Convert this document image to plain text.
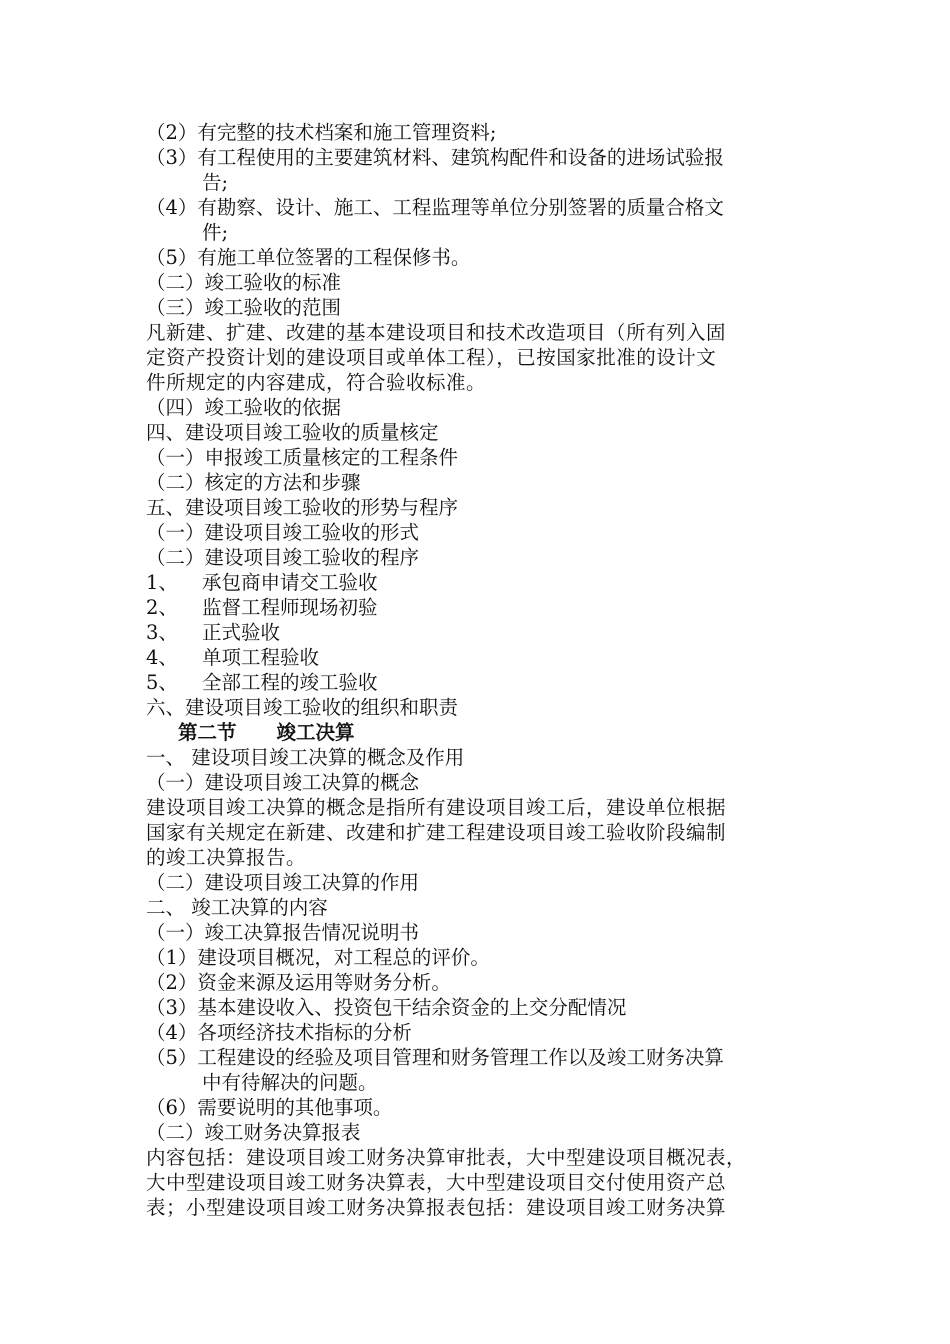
（2）有完整的技术档案和施工管理资料;
（3）有工程使用的主要建筑材料、建筑构配件和设备的进场试验报
告;
（4）有勘察、设计、施工、工程监理等单位分别签署的质量合格文
件;
（5）有施工单位签署的工程保修书。
（二）竣工验收的标准
（三）竣工验收的范围
凡新建、扩建、改建的基本建设项目和技术改造项目（所有列入固
定资产投资计划的建设项目或单体工程），已按国家批准的设计文
件所规定的内容建成，符合验收标准。
（四）竣工验收的依据
四、建设项目竣工验收的质量核定
（一）申报竣工质量核定的工程条件
（二）核定的方法和步骤
五、建设项目竣工验收的形势与程序
（一）建设项目竣工验收的形式
（二）建设项目竣工验收的程序
1、 承包商申请交工验收
2、 监督工程师现场初验
3、 正式验收
4、 单项工程验收
5、 全部工程的竣工验收
六、建设项目竣工验收的组织和职责
第二节 竣工决算
一、 建设项目竣工决算的概念及作用
（一）建设项目竣工决算的概念
建设项目竣工决算的概念是指所有建设项目竣工后，建设单位根据
国家有关规定在新建、改建和扩建工程建设项目竣工验收阶段编制
的竣工决算报告。
（二）建设项目竣工决算的作用
二、 竣工决算的内容
（一）竣工决算报告情况说明书
（1）建设项目概况，对工程总的评价。
（2）资金来源及运用等财务分析。
（3）基本建设收入、投资包干结余资金的上交分配情况
（4）各项经济技术指标的分析
（5）工程建设的经验及项目管理和财务管理工作以及竣工财务决算
中有待解决的问题。
（6）需要说明的其他事项。
（二）竣工财务决算报表
内容包括：建设项目竣工财务决算审批表，大中型建设项目概况表，
大中型建设项目竣工财务决算表，大中型建设项目交付使用资产总
表；小型建设项目竣工财务决算报表包括：建设项目竣工财务决算
